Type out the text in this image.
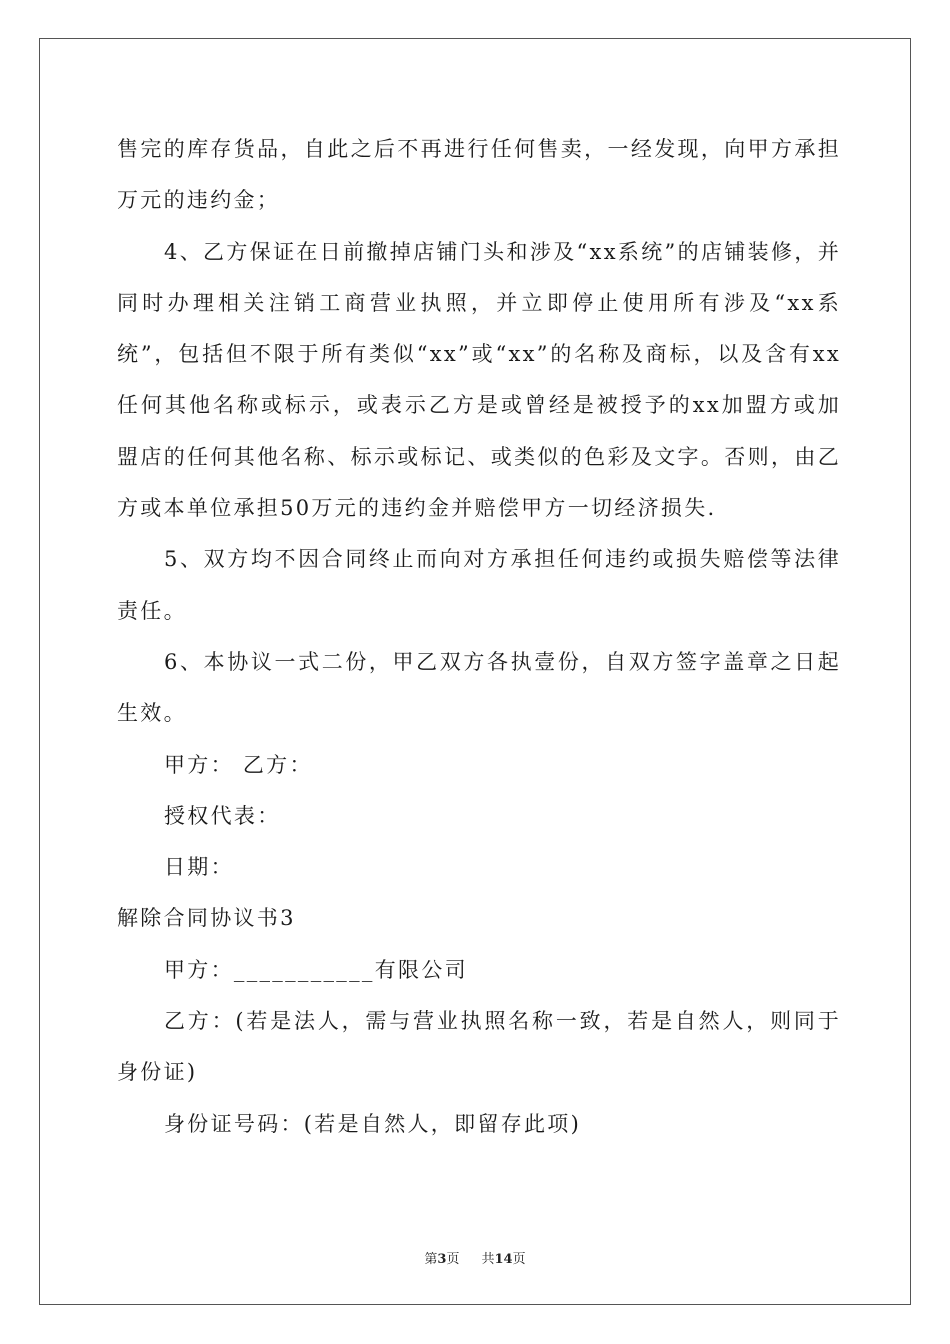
售完的库存货品，自此之后不再进行任何售卖，一经发现，向甲方承担 万元的违约金；

4、乙方保证在日前撤掉店铺门头和涉及“xx系统”的店铺装修，并同时办理相关注销工商营业执照，并立即停止使用所有涉及“xx系统”，包括但不限于所有类似“xx”或“xx”的名称及商标，以及含有xx任何其他名称或标示，或表示乙方是或曾经是被授予的xx加盟方或加盟店的任何其他名称、标示或标记、或类似的色彩及文字。否则，由乙方或本单位承担50万元的违约金并赔偿甲方一切经济损失.

5、双方均不因合同终止而向对方承担任何违约或损失赔偿等法律责任。

6、本协议一式二份，甲乙双方各执壹份，自双方签字盖章之日起生效。

甲方： 乙方：

授权代表：

日期：

解除合同协议书3

甲方：___________有限公司

乙方：(若是法人，需与营业执照名称一致，若是自然人，则同于身份证)

身份证号码：(若是自然人，即留存此项)

第3页 共14页
